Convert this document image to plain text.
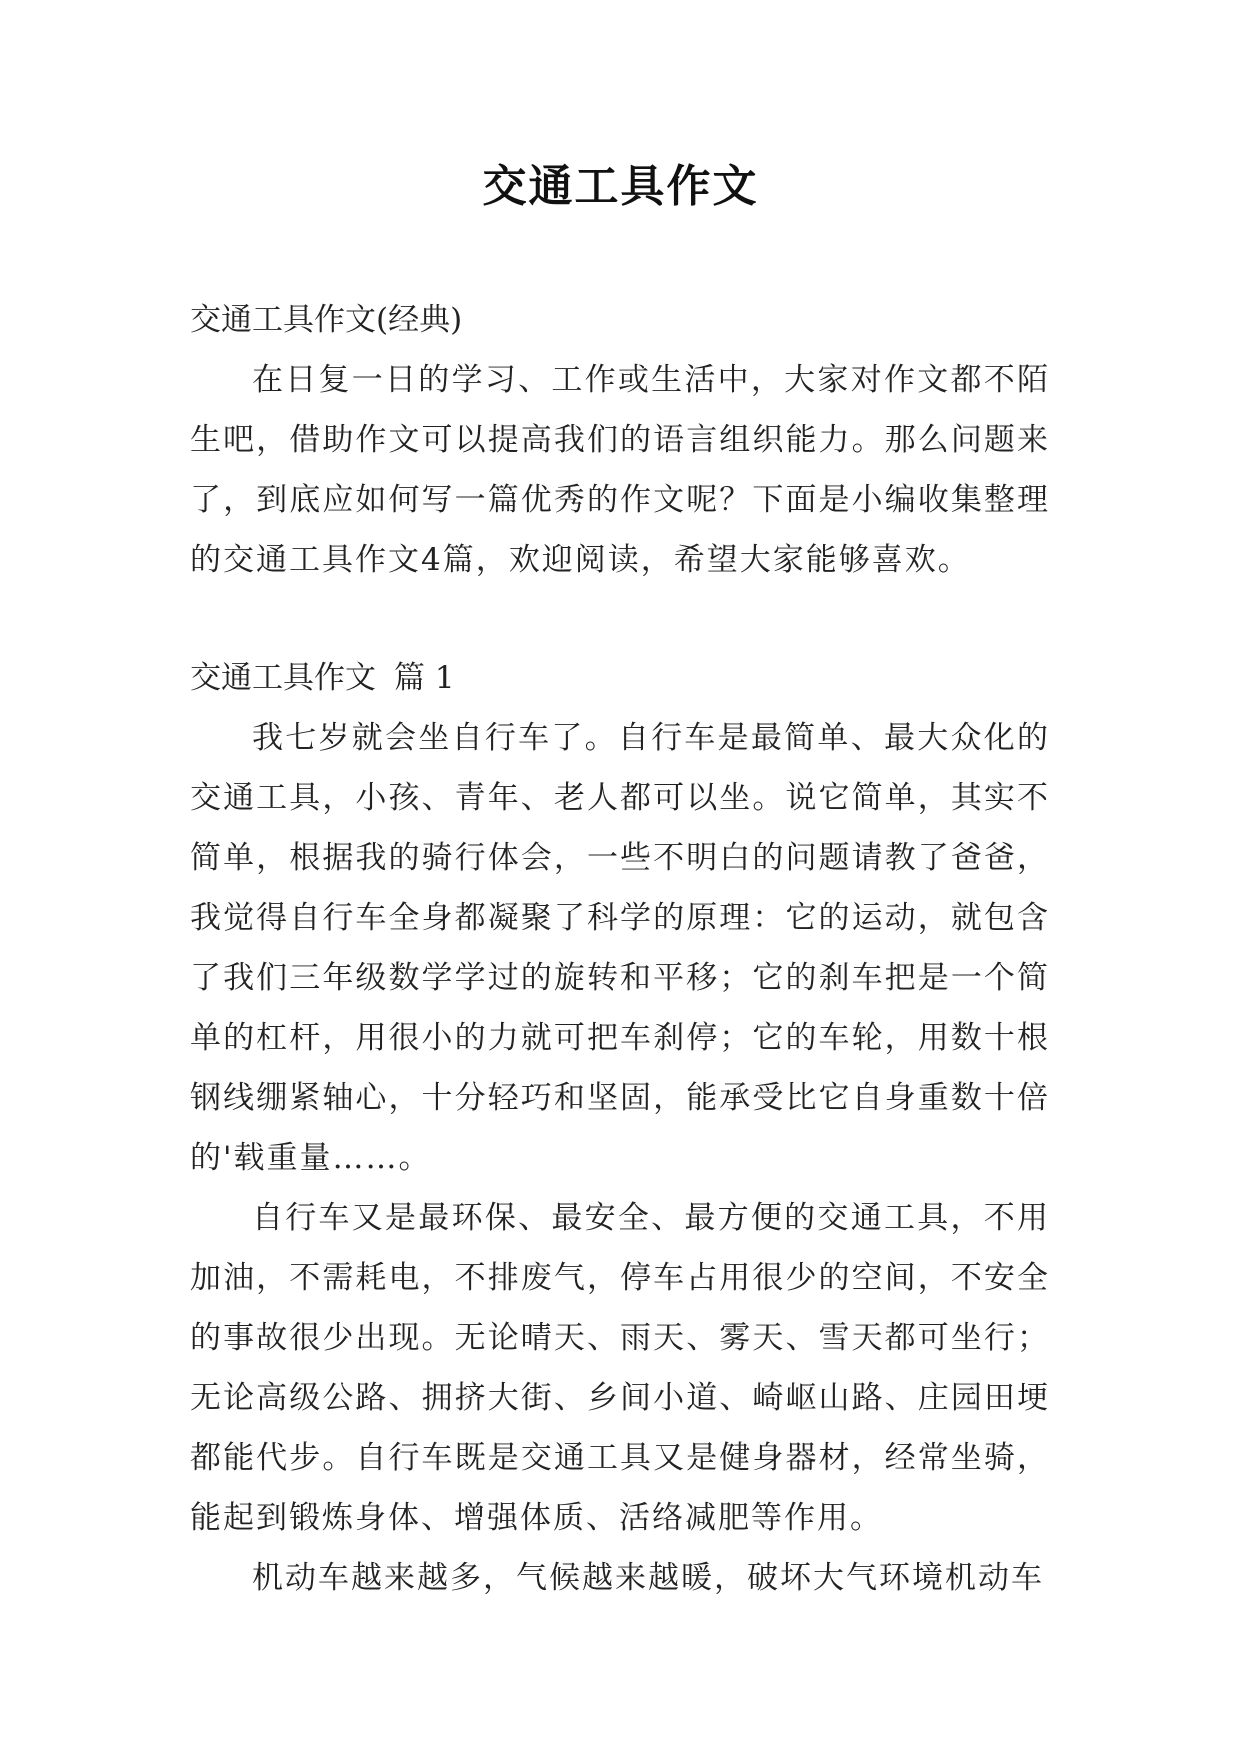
交通工具作文

交通工具作文(经典)

在日复一日的学习、工作或生活中，大家对作文都不陌生吧，借助作文可以提高我们的语言组织能力。那么问题来了，到底应如何写一篇优秀的作文呢？下面是小编收集整理的交通工具作文4篇，欢迎阅读，希望大家能够喜欢。

交通工具作文 篇 1

我七岁就会坐自行车了。自行车是最简单、最大众化的交通工具，小孩、青年、老人都可以坐。说它简单，其实不简单，根据我的骑行体会，一些不明白的问题请教了爸爸，我觉得自行车全身都凝聚了科学的原理：它的运动，就包含了我们三年级数学学过的旋转和平移；它的刹车把是一个简单的杠杆，用很小的力就可把车刹停；它的车轮，用数十根钢线绷紧轴心，十分轻巧和坚固，能承受比它自身重数十倍的'载重量……。

自行车又是最环保、最安全、最方便的交通工具，不用加油，不需耗电，不排废气，停车占用很少的空间，不安全的事故很少出现。无论晴天、雨天、雾天、雪天都可坐行；无论高级公路、拥挤大街、乡间小道、崎岖山路、庄园田埂都能代步。自行车既是交通工具又是健身器材，经常坐骑，能起到锻炼身体、增强体质、活络减肥等作用。

机动车越来越多，气候越来越暖，破坏大气环境机动车
